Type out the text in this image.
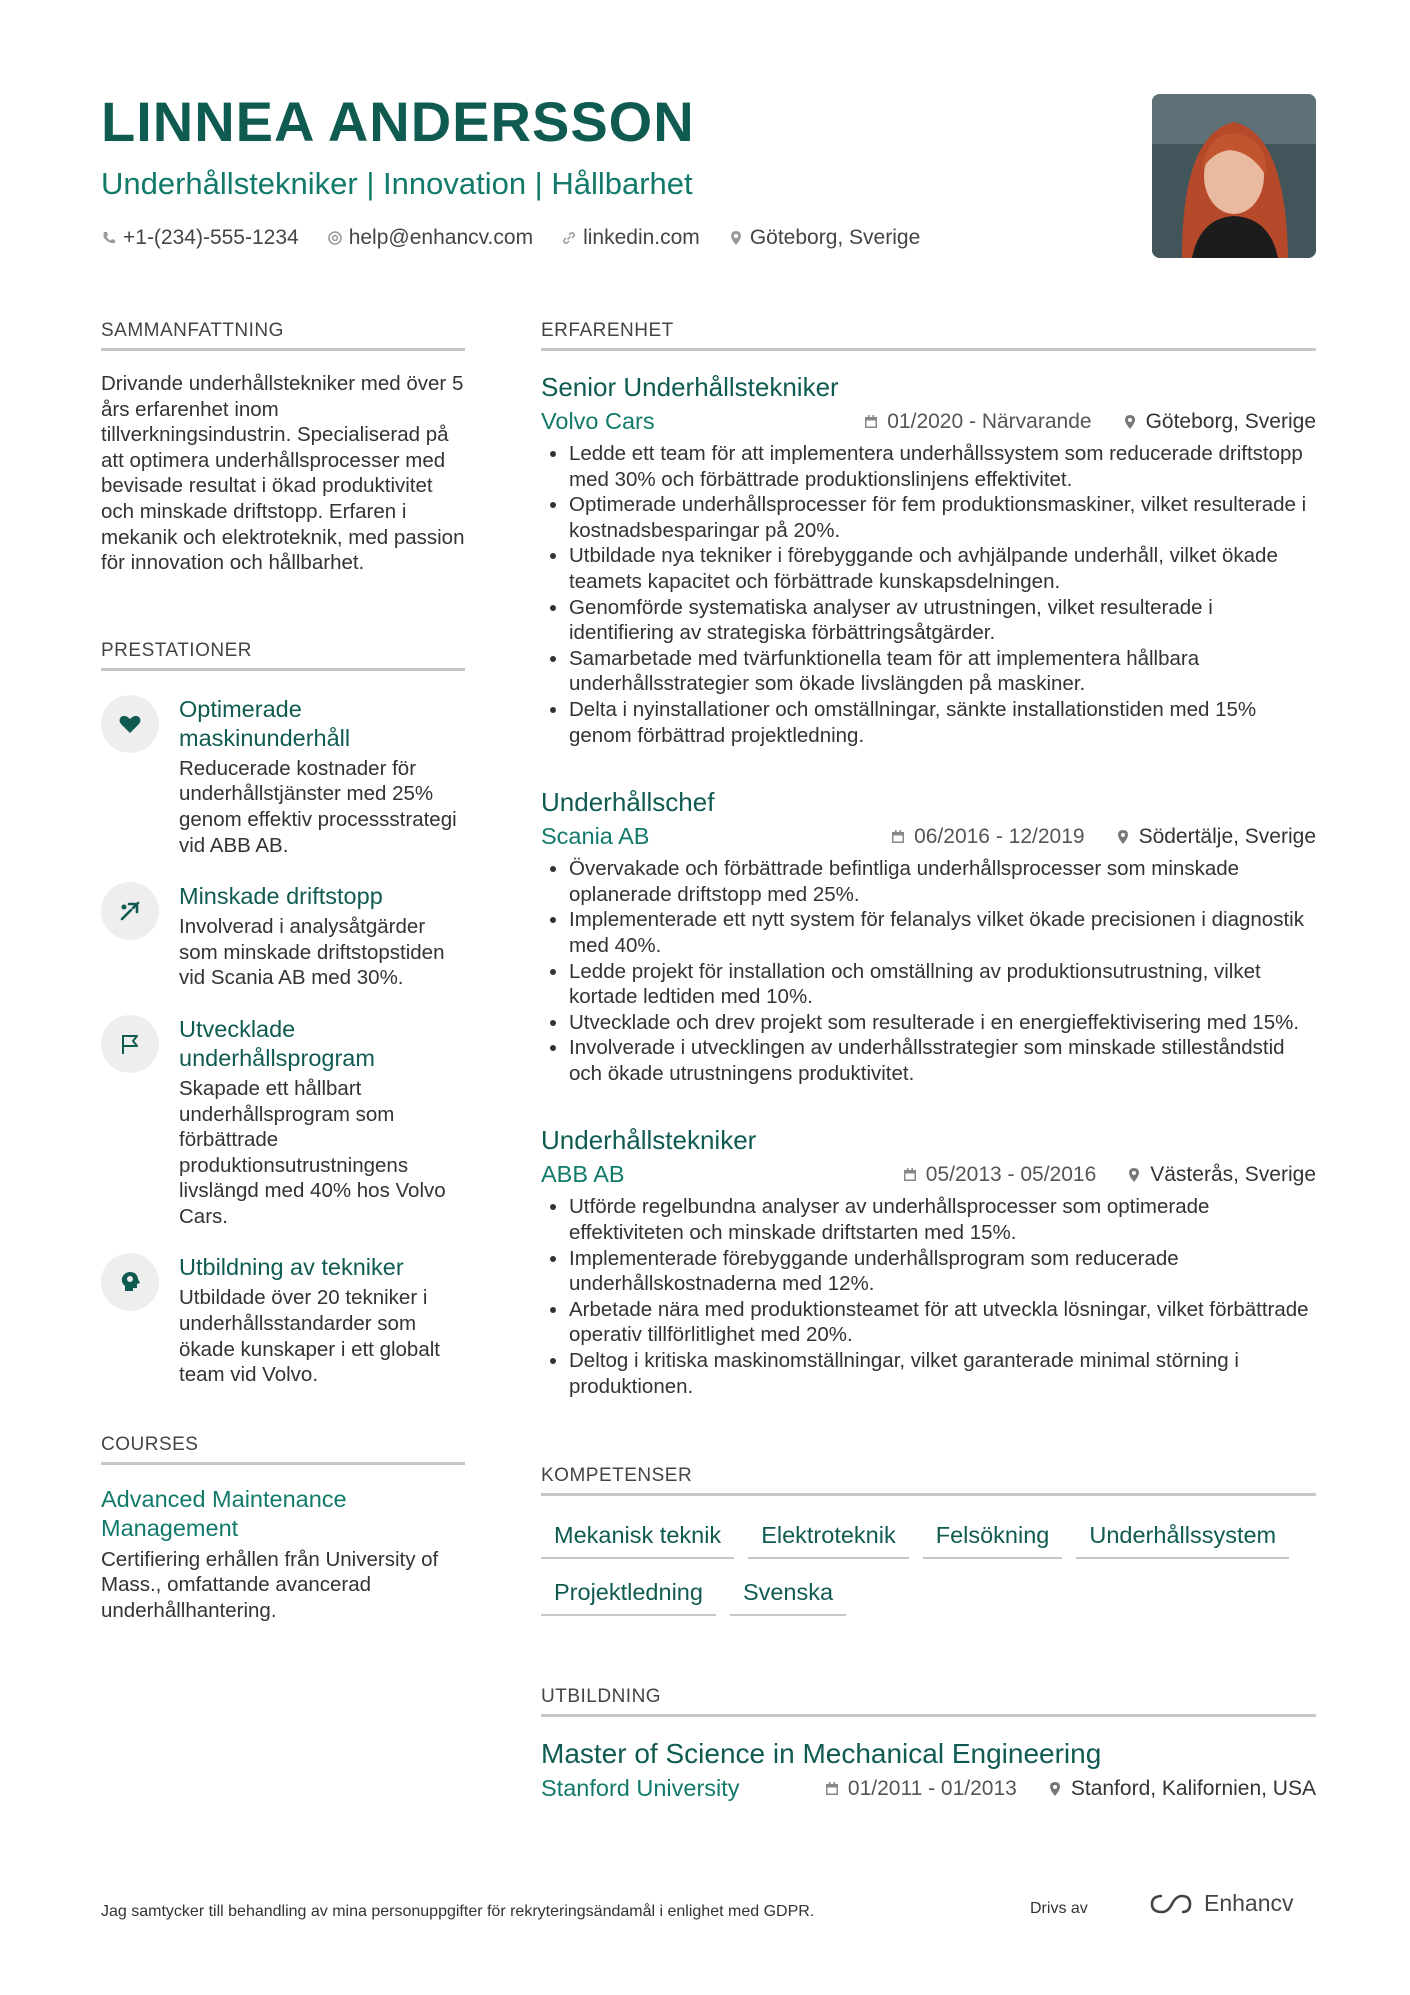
LINNEA ANDERSSON
Underhållstekniker | Innovation | Hållbarhet
+1-(234)-555-1234 help@enhancv.com linkedin.com Göteborg, Sverige
SAMMANFATTNING
Drivande underhållstekniker med över 5 års erfarenhet inom tillverkningsindustrin. Specialiserad på att optimera underhållsprocesser med bevisade resultat i ökad produktivitet och minskade driftstopp. Erfaren i mekanik och elektroteknik, med passion för innovation och hållbarhet.
PRESTATIONER
Optimerade maskinunderhåll
Reducerade kostnader för underhållstjänster med 25% genom effektiv processstrategi vid ABB AB.
Minskade driftstopp
Involverad i analysåtgärder som minskade driftstopstiden vid Scania AB med 30%.
Utvecklade underhållsprogram
Skapade ett hållbart underhållsprogram som förbättrade produktionsutrustningens livslängd med 40% hos Volvo Cars.
Utbildning av tekniker
Utbildade över 20 tekniker i underhållsstandarder som ökade kunskaper i ett globalt team vid Volvo.
COURSES
Advanced Maintenance Management
Certifiering erhållen från University of Mass., omfattande avancerad underhållhantering.
ERFARENHET
Senior Underhållstekniker
Volvo Cars	01/2020 - Närvarande	Göteborg, Sverige
• Ledde ett team för att implementera underhållssystem som reducerade driftstopp med 30% och förbättrade produktionslinjens effektivitet.
• Optimerade underhållsprocesser för fem produktionsmaskiner, vilket resulterade i kostnadsbesparingar på 20%.
• Utbildade nya tekniker i förebyggande och avhjälpande underhåll, vilket ökade teamets kapacitet och förbättrade kunskapsdelningen.
• Genomförde systematiska analyser av utrustningen, vilket resulterade i identifiering av strategiska förbättringsåtgärder.
• Samarbetade med tvärfunktionella team för att implementera hållbara underhållsstrategier som ökade livslängden på maskiner.
• Delta i nyinstallationer och omställningar, sänkte installationstiden med 15% genom förbättrad projektledning.
Underhållschef
Scania AB	06/2016 - 12/2019	Södertälje, Sverige
• Övervakade och förbättrade befintliga underhållsprocesser som minskade oplanerade driftstopp med 25%.
• Implementerade ett nytt system för felanalys vilket ökade precisionen i diagnostik med 40%.
• Ledde projekt för installation och omställning av produktionsutrustning, vilket kortade ledtiden med 10%.
• Utvecklade och drev projekt som resulterade i en energieffektivisering med 15%.
• Involverade i utvecklingen av underhållsstrategier som minskade stilleståndstid och ökade utrustningens produktivitet.
Underhållstekniker
ABB AB	05/2013 - 05/2016	Västerås, Sverige
• Utförde regelbundna analyser av underhållsprocesser som optimerade effektiviteten och minskade driftstarten med 15%.
• Implementerade förebyggande underhållsprogram som reducerade underhållskostnaderna med 12%.
• Arbetade nära med produktionsteamet för att utveckla lösningar, vilket förbättrade operativ tillförlitlighet med 20%.
• Deltog i kritiska maskinomställningar, vilket garanterade minimal störning i produktionen.
KOMPETENSER
Mekanisk teknik	Elektroteknik	Felsökning	Underhållssystem
Projektledning	Svenska
UTBILDNING
Master of Science in Mechanical Engineering
Stanford University	01/2011 - 01/2013	Stanford, Kalifornien, USA
Jag samtycker till behandling av mina personuppgifter för rekryteringsändamål i enlighet med GDPR.	Drivs av	Enhancv
